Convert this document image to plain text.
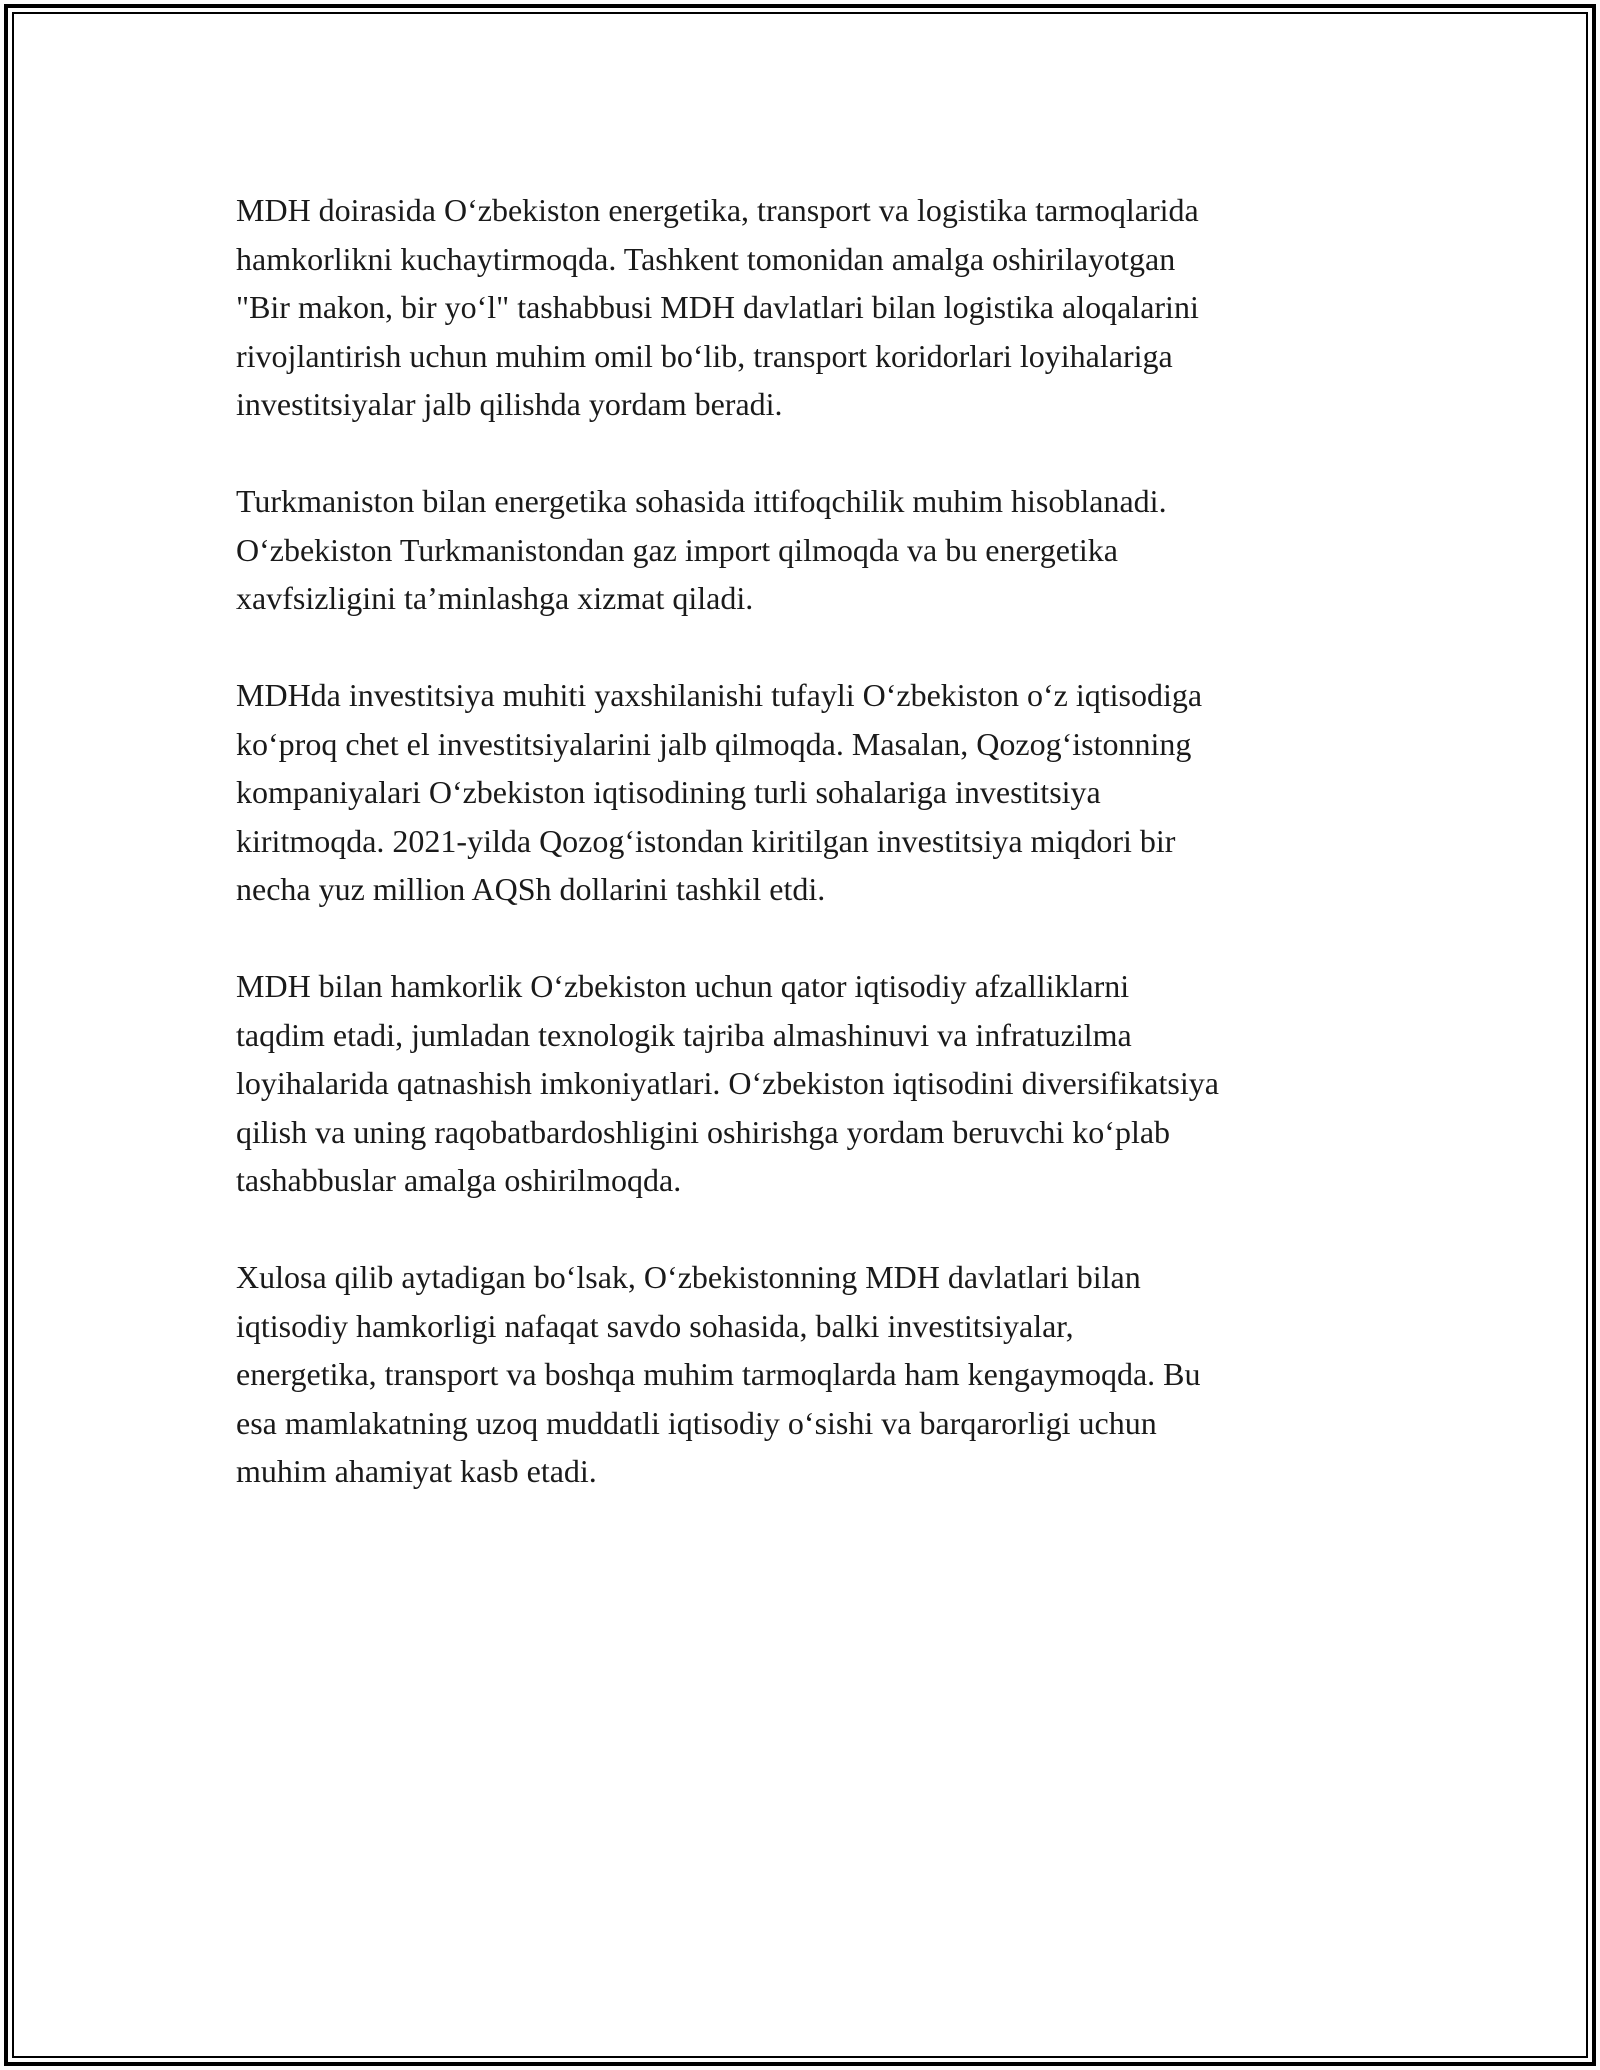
MDH doirasida O‘zbekiston energetika, transport va logistika tarmoqlarida
hamkorlikni kuchaytirmoqda. Tashkent tomonidan amalga oshirilayotgan
"Bir makon, bir yo‘l" tashabbusi MDH davlatlari bilan logistika aloqalarini
rivojlantirish uchun muhim omil bo‘lib, transport koridorlari loyihalariga
investitsiyalar jalb qilishda yordam beradi.

Turkmaniston bilan energetika sohasida ittifoqchilik muhim hisoblanadi.
O‘zbekiston Turkmanistondan gaz import qilmoqda va bu energetika
xavfsizligini ta’minlashga xizmat qiladi.

MDHda investitsiya muhiti yaxshilanishi tufayli O‘zbekiston o‘z iqtisodiga
ko‘proq chet el investitsiyalarini jalb qilmoqda. Masalan, Qozog‘istonning
kompaniyalari O‘zbekiston iqtisodining turli sohalariga investitsiya
kiritmoqda. 2021-yilda Qozog‘istondan kiritilgan investitsiya miqdori bir
necha yuz million AQSh dollarini tashkil etdi.

MDH bilan hamkorlik O‘zbekiston uchun qator iqtisodiy afzalliklarni
taqdim etadi, jumladan texnologik tajriba almashinuvi va infratuzilma
loyihalarida qatnashish imkoniyatlari. O‘zbekiston iqtisodini diversifikatsiya
qilish va uning raqobatbardoshligini oshirishga yordam beruvchi ko‘plab
tashabbuslar amalga oshirilmoqda.

Xulosa qilib aytadigan bo‘lsak, O‘zbekistonning MDH davlatlari bilan
iqtisodiy hamkorligi nafaqat savdo sohasida, balki investitsiyalar,
energetika, transport va boshqa muhim tarmoqlarda ham kengaymoqda. Bu
esa mamlakatning uzoq muddatli iqtisodiy o‘sishi va barqarorligi uchun
muhim ahamiyat kasb etadi.
